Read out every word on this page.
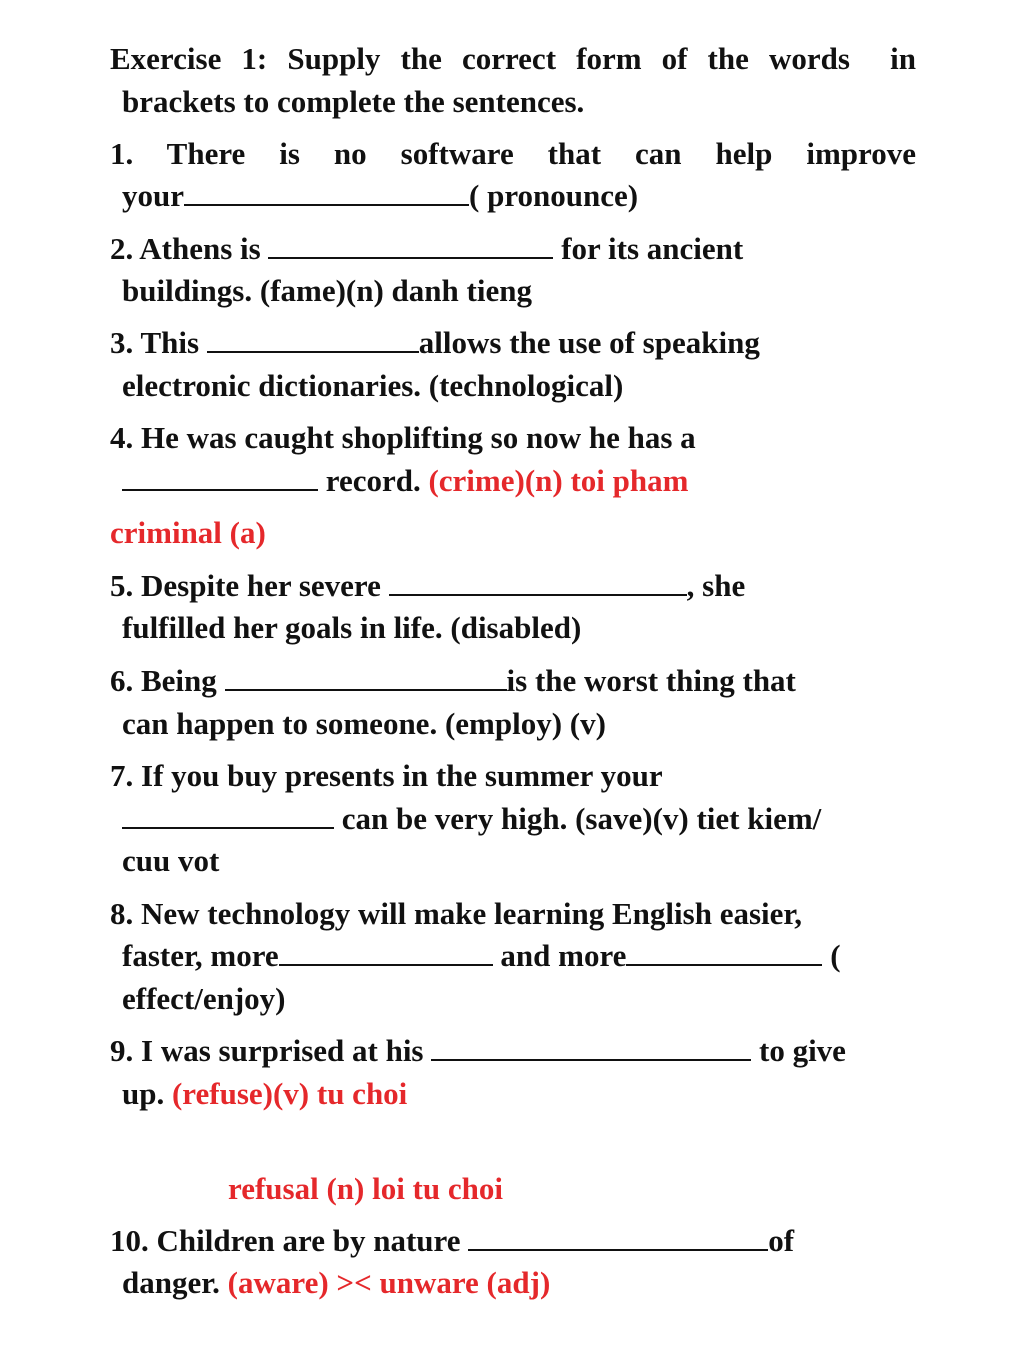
Exercise 1: Supply the correct form of the words  in
brackets to complete the sentences.
1. There is no software that can help improve
your	( pronounce)
2. Athens is	for its ancient
buildings. (fame)(n) danh tieng
3. This	allows the use of speaking
electronic dictionaries. (technological)
4. He was caught shoplifting so now he has a
record. (crime)(n) toi pham
criminal (a)
5. Despite her severe	, she
fulfilled her goals in life. (disabled)
6. Being	is the worst thing that
can happen to someone. (employ) (v)
7. If you buy presents in the summer your
can be very high. (save)(v) tiet kiem/
cuu vot
8. New technology will make learning English easier,
faster, more	and more	(
effect/enjoy)
9. I was surprised at his	to give
up. (refuse)(v) tu choi
refusal (n) loi tu choi
10. Children are by nature	of
danger. (aware) >< unware (adj)
